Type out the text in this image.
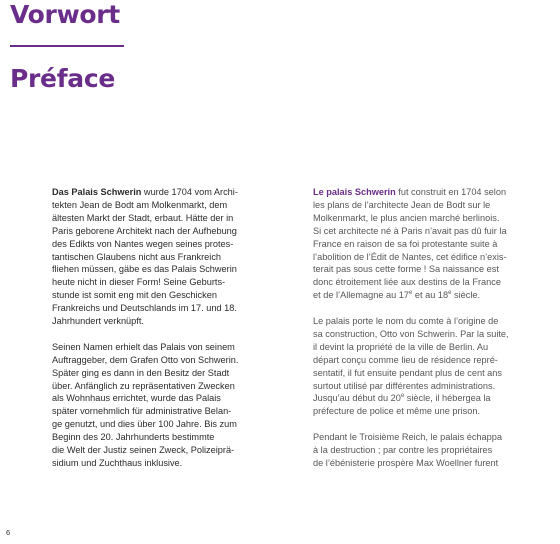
Vorwort
Préface

Das Palais Schwerin wurde 1704 vom Archi-
tekten Jean de Bodt am Molkenmarkt, dem
ältesten Markt der Stadt, erbaut. Hätte der in
Paris geborene Architekt nach der Aufhebung
des Edikts von Nantes wegen seines protes-
tantischen Glaubens nicht aus Frankreich
fliehen müssen, gäbe es das Palais Schwerin
heute nicht in dieser Form! Seine Geburts-
stunde ist somit eng mit den Geschicken
Frankreichs und Deutschlands im 17. und 18.
Jahrhundert verknüpft.

Seinen Namen erhielt das Palais von seinem
Auftraggeber, dem Grafen Otto von Schwerin.
Später ging es dann in den Besitz der Stadt
über. Anfänglich zu repräsentativen Zwecken
als Wohnhaus errichtet, wurde das Palais
später vornehmlich für administrative Belan-
ge genutzt, und dies über 100 Jahre. Bis zum
Beginn des 20. Jahrhunderts bestimmte
die Welt der Justiz seinen Zweck, Polizeiprä-
sidium und Zuchthaus inklusive.

Le palais Schwerin fut construit en 1704 selon
les plans de l’architecte Jean de Bodt sur le
Molkenmarkt, le plus ancien marché berlinois.
Si cet architecte né à Paris n’avait pas dû fuir la
France en raison de sa foi protestante suite à
l’abolition de l’Édit de Nantes, cet édifice n’exis-
terait pas sous cette forme ! Sa naissance est
donc étroitement liée aux destins de la France
et de l’Allemagne au 17e et au 18e siècle.

Le palais porte le nom du comte à l’origine de
sa construction, Otto von Schwerin. Par la suite,
il devint la propriété de la ville de Berlin. Au
départ conçu comme lieu de résidence repré-
sentatif, il fut ensuite pendant plus de cent ans
surtout utilisé par différentes administrations.
Jusqu’au début du 20e siècle, il hébergea la
préfecture de police et même une prison.

Pendant le Troisième Reich, le palais échappa
à la destruction ; par contre les propriétaires
de l’ébénisterie prospère Max Woellner furent

6
